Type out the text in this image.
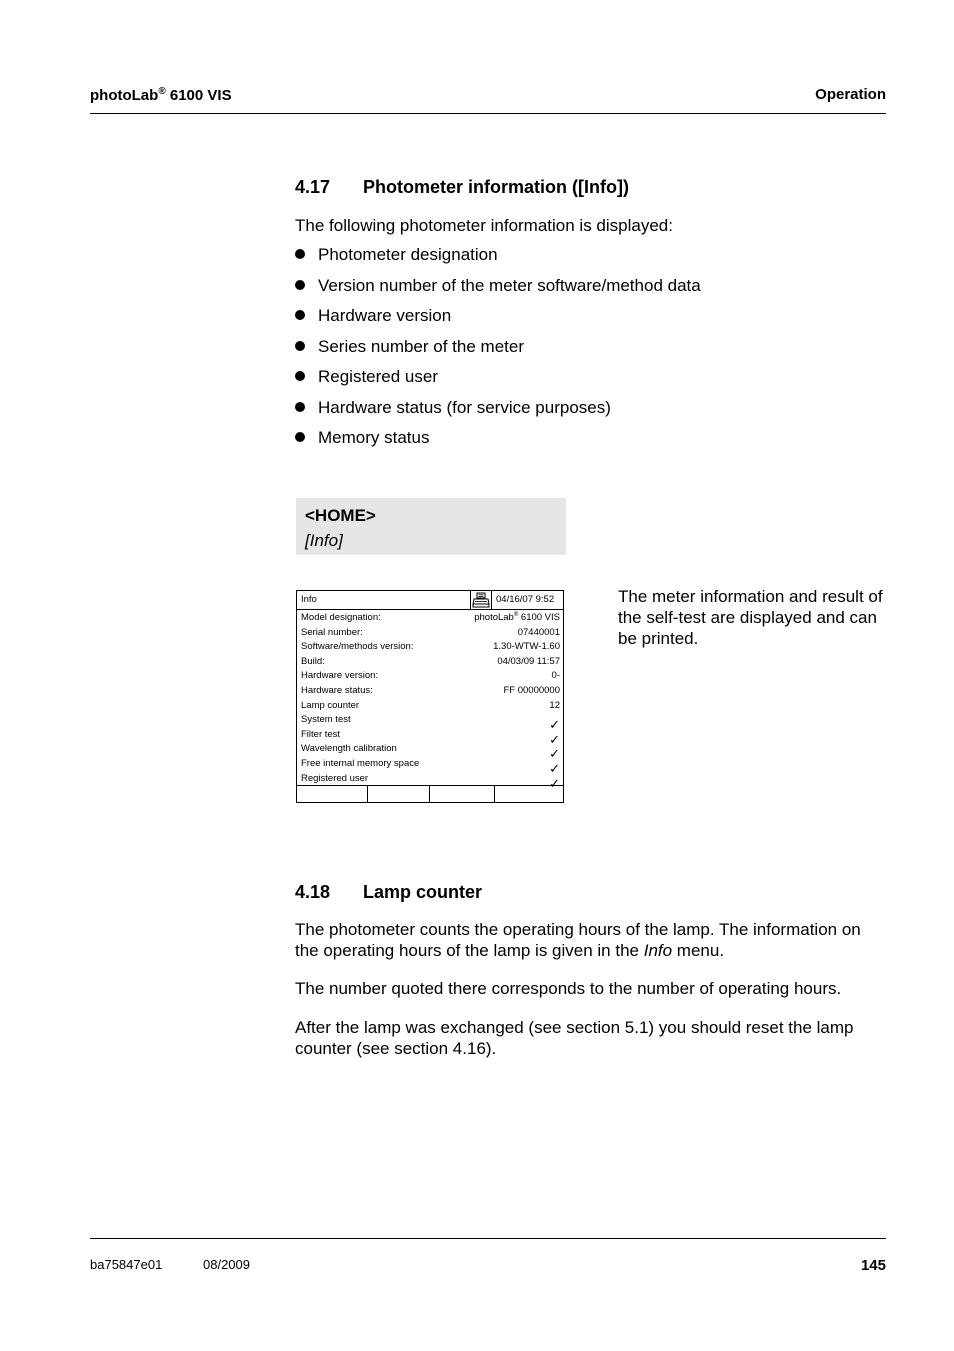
photoLab® 6100 VIS	Operation
4.17 Photometer information ([Info])
The following photometer information is displayed:
Photometer designation
Version number of the meter software/method data
Hardware version
Series number of the meter
Registered user
Hardware status (for service purposes)
Memory status
<HOME>
[Info]
Info	04/16/07 9:52
Model designation:	photoLab® 6100 VIS
Serial number:	07440001
Software/methods version:	1.30-WTW-1.60
Build:	04/03/09 11:57
Hardware version:	0-
Hardware status:	FF 00000000
Lamp counter	12
System test	✓
Filter test	✓
Wavelength calibration	✓
Free internal memory space	✓
Registered user	✓
The meter information and result of the self-test are displayed and can be printed.
4.18 Lamp counter
The photometer counts the operating hours of the lamp. The information on the operating hours of the lamp is given in the Info menu.
The number quoted there corresponds to the number of operating hours.
After the lamp was exchanged (see section 5.1) you should reset the lamp counter (see section 4.16).
ba75847e01	08/2009	145
